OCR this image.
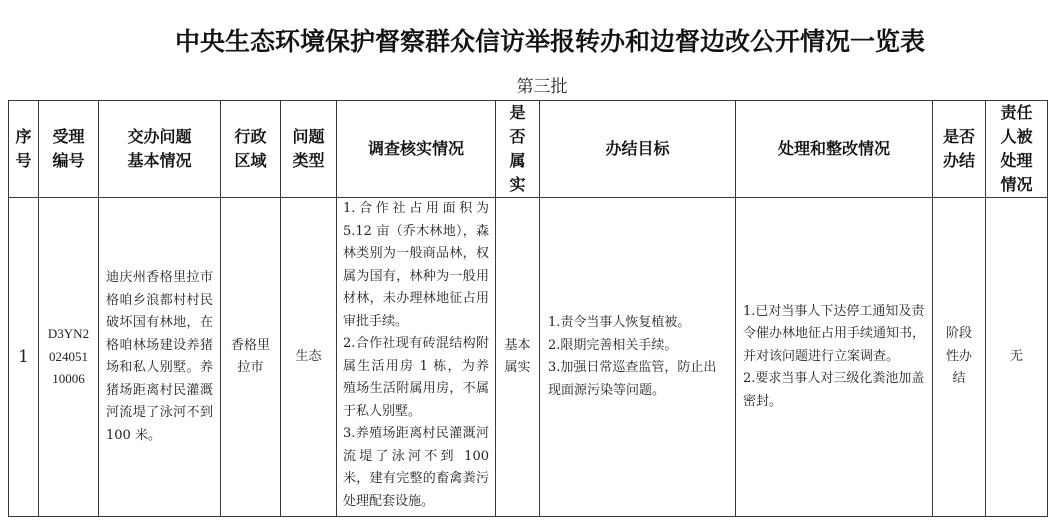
中央生态环境保护督察群众信访举报转办和边督边改公开情况一览表
第三批
序号	受理编号	交办问题基本情况	行政区域	问题类型	调查核实情况	是否属实	办结目标	处理和整改情况	是否办结	责任人被处理情况

1	D3YN2
024051
10006	迪庆州香格里拉市格咱乡浪都村村民破坏国有林地，在格咱林场建设养猪场和私人别墅。养猪场距离村民灌溉河流堤了泳河不到 100 米。	香格里拉市	生态	1.合作社占用面积为 5.12 亩（乔木林地），森林类别为一般商品林，权属为国有，林种为一般用材林，未办理林地征占用审批手续。
2.合作社现有砖混结构附属生活用房 1 栋，为养殖场生活附属用房，不属于私人别墅。
3.养殖场距离村民灌溉河流堤了泳河不到 100 米，建有完整的畜禽粪污处理配套设施。	基本属实	1.责令当事人恢复植被。
2.限期完善相关手续。
3.加强日常巡查监管，防止出现面源污染等问题。	1.已对当事人下达停工通知及责令催办林地征占用手续通知书，并对该问题进行立案调查。
2.要求当事人对三级化粪池加盖密封。	阶段性办结	无
